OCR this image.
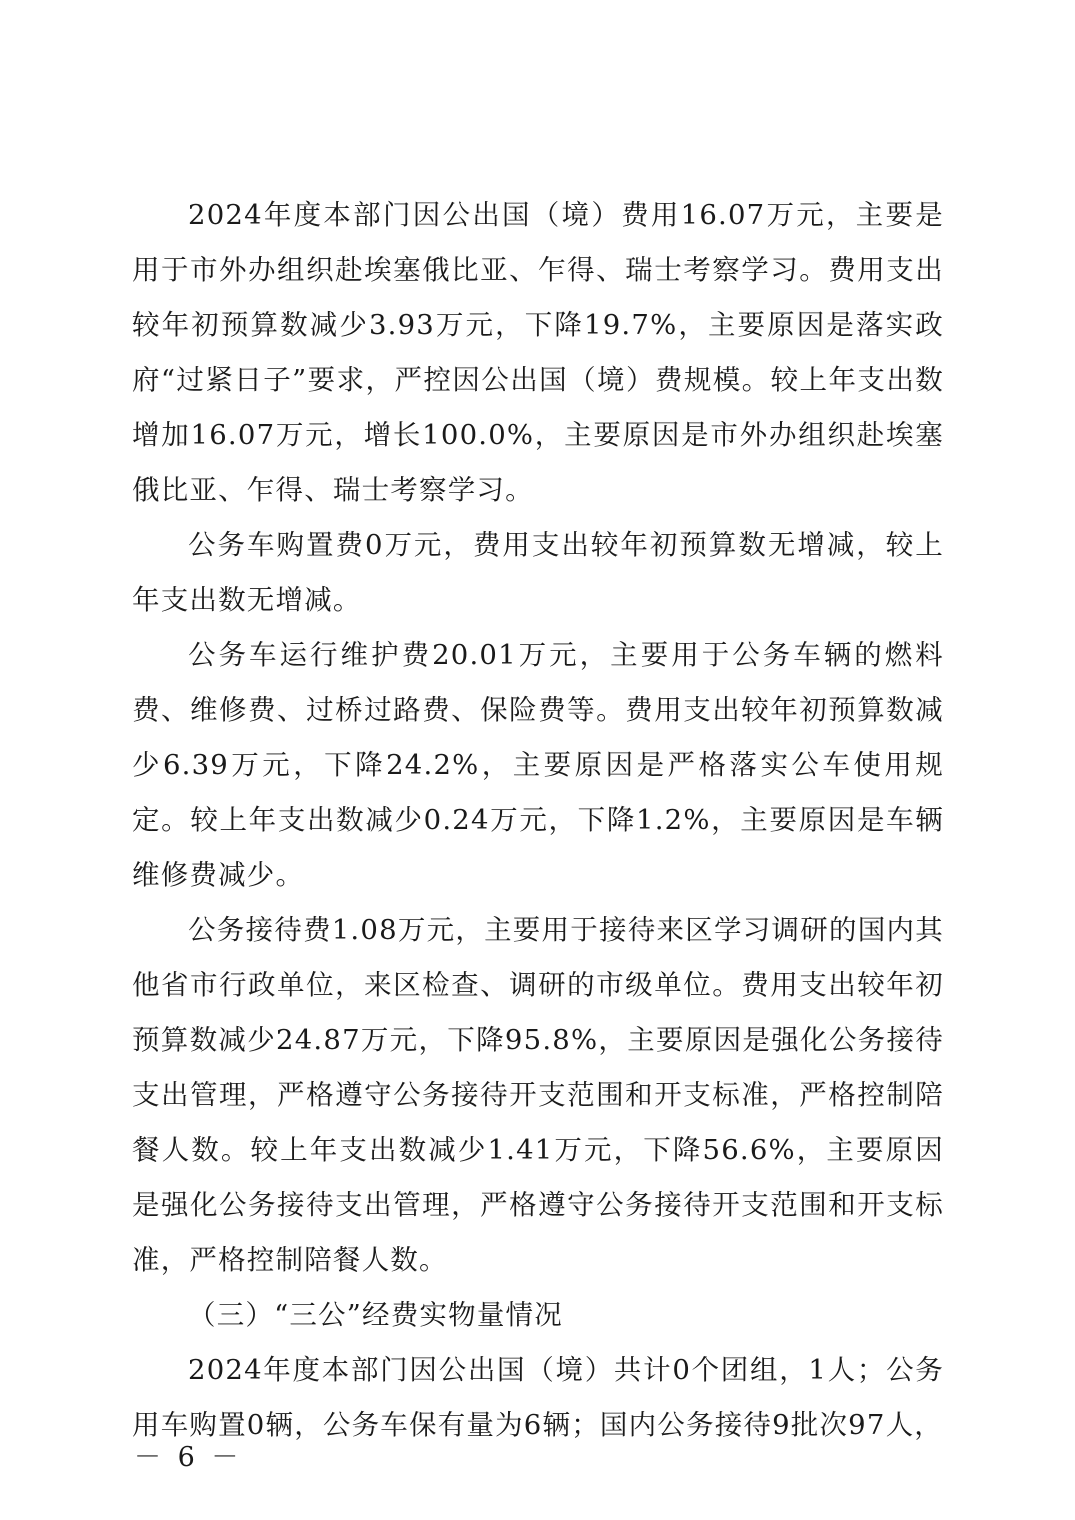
2024年度本部门因公出国（境）费用16.07万元，主要是用于市外办组织赴埃塞俄比亚、乍得、瑞士考察学习。费用支出较年初预算数减少3.93万元，下降19.7%，主要原因是落实政府“过紧日子”要求，严控因公出国（境）费规模。较上年支出数增加16.07万元，增长100.0%，主要原因是市外办组织赴埃塞俄比亚、乍得、瑞士考察学习。

公务车购置费0万元，费用支出较年初预算数无增减，较上年支出数无增减。

公务车运行维护费20.01万元，主要用于公务车辆的燃料费、维修费、过桥过路费、保险费等。费用支出较年初预算数减少6.39万元，下降24.2%，主要原因是严格落实公车使用规定。较上年支出数减少0.24万元，下降1.2%，主要原因是车辆维修费减少。

公务接待费1.08万元，主要用于接待来区学习调研的国内其他省市行政单位，来区检查、调研的市级单位。费用支出较年初预算数减少24.87万元，下降95.8%，主要原因是强化公务接待支出管理，严格遵守公务接待开支范围和开支标准，严格控制陪餐人数。较上年支出数减少1.41万元，下降56.6%，主要原因是强化公务接待支出管理，严格遵守公务接待开支范围和开支标准，严格控制陪餐人数。

（三）“三公”经费实物量情况

2024年度本部门因公出国（境）共计0个团组，1人；公务用车购置0辆，公务车保有量为6辆；国内公务接待9批次97人，

－ 6 －
